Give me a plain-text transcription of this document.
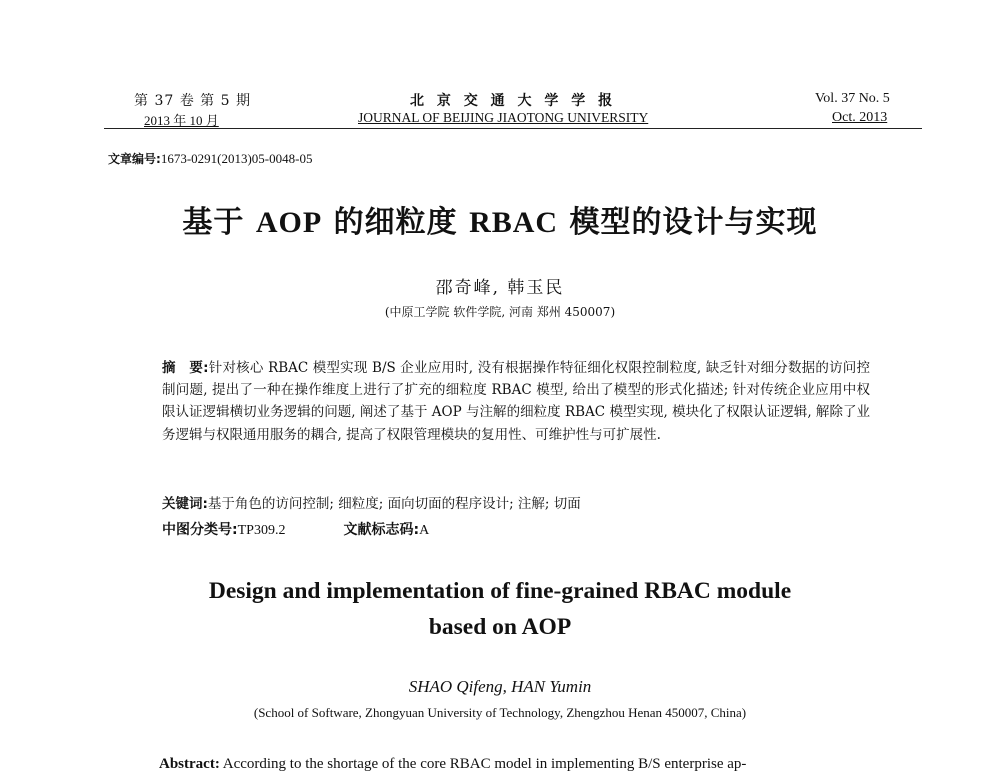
第 37 卷 第 5 期
2013 年 10 月
北 京 交 通 大 学 学 报
JOURNAL OF BEIJING JIAOTONG UNIVERSITY
Vol. 37 No. 5
Oct. 2013
文章编号:1673-0291(2013)05-0048-05
基于 AOP 的细粒度 RBAC 模型的设计与实现
邵奇峰, 韩玉民
(中原工学院 软件学院, 河南 郑州 450007)
摘　要:针对核心 RBAC 模型实现 B/S 企业应用时, 没有根据操作特征细化权限控制粒度, 缺乏针对细分数据的访问控制问题, 提出了一种在操作维度上进行了扩充的细粒度 RBAC 模型, 给出了模型的形式化描述; 针对传统企业应用中权限认证逻辑横切业务逻辑的问题, 阐述了基于 AOP 与注解的细粒度 RBAC 模型实现, 模块化了权限认证逻辑, 解除了业务逻辑与权限通用服务的耦合, 提高了权限管理模块的复用性、可维护性与可扩展性.
关键词:基于角色的访问控制; 细粒度; 面向切面的程序设计; 注解; 切面
中图分类号:TP309.2	文献标志码:A
Design and implementation of fine-grained RBAC module
based on AOP
SHAO Qifeng, HAN Yumin
(School of Software, Zhongyuan University of Technology, Zhengzhou Henan 450007, China)
Abstract: According to the shortage of the core RBAC model in implementing B/S enterprise ap-
